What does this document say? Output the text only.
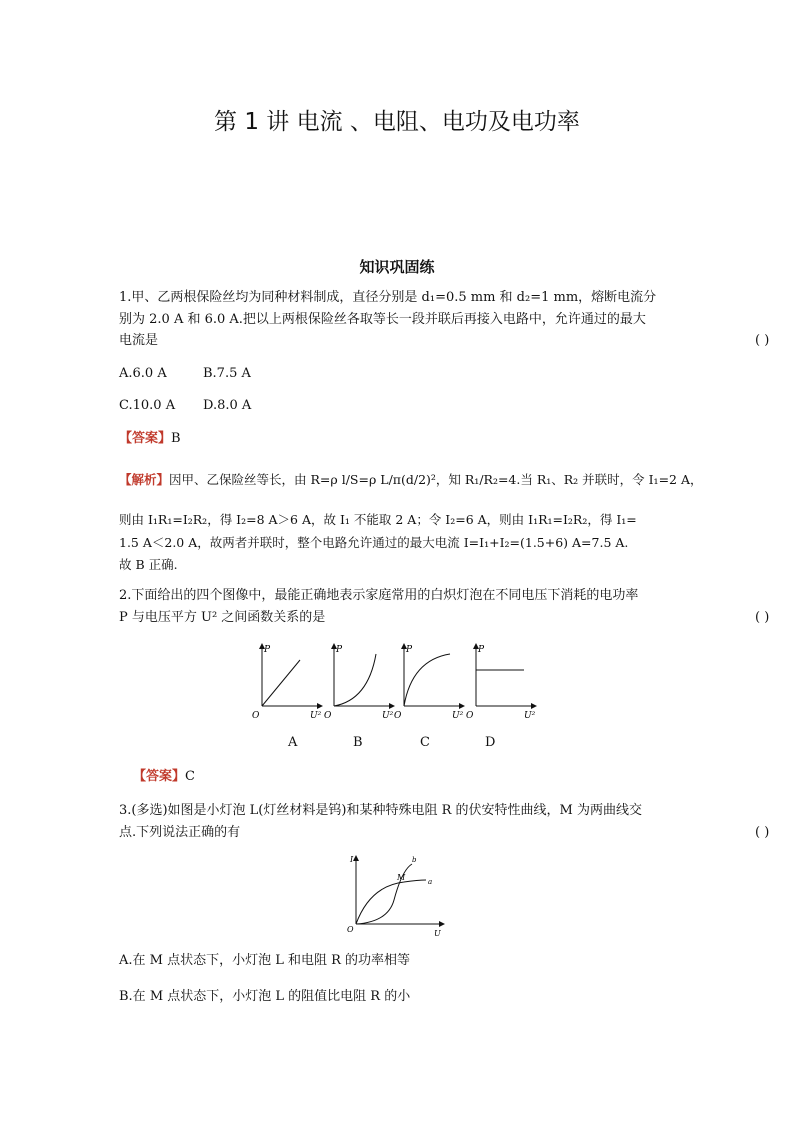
第 1 讲 电流 、电阻、电功及电功率
知识巩固练
1.甲、乙两根保险丝均为同种材料制成，直径分别是 d₁=0.5 mm 和 d₂=1 mm，熔断电流分
别为 2.0 A 和 6.0 A.把以上两根保险丝各取等长一段并联后再接入电路中，允许通过的最大
电流是	( )
A.6.0 A	B.7.5 A
C.10.0 A D.8.0 A
【答案】B
【解析】因甲、乙保险丝等长，由 R=ρ l/S=ρ L/π(d/2)²，知 R₁/R₂=4.当 R₁、R₂ 并联时，令 I₁=2 A，
则由 I₁R₁=I₂R₂，得 I₂=8 A＞6 A，故 I₁ 不能取 2 A；令 I₂=6 A，则由 I₁R₁=I₂R₂，得 I₁=
1.5 A＜2.0 A，故两者并联时，整个电路允许通过的最大电流 I=I₁+I₂=(1.5+6) A=7.5 A.
故 B 正确.
2.下面给出的四个图像中，最能正确地表示家庭常用的白炽灯泡在不同电压下消耗的电功率
P 与电压平方 U² 之间函数关系的是	( )
P
O	U²
P
O	U²
P
O	U²
P
O	U²
A	B	C	D
【答案】C
3.(多选)如图是小灯泡 L(灯丝材料是钨)和某种特殊电阻 R 的伏安特性曲线，M 为两曲线交
点.下列说法正确的有	( )
I
O	U
M	a
b
A.在 M 点状态下，小灯泡 L 和电阻 R 的功率相等
B.在 M 点状态下，小灯泡 L 的阻值比电阻 R 的小
